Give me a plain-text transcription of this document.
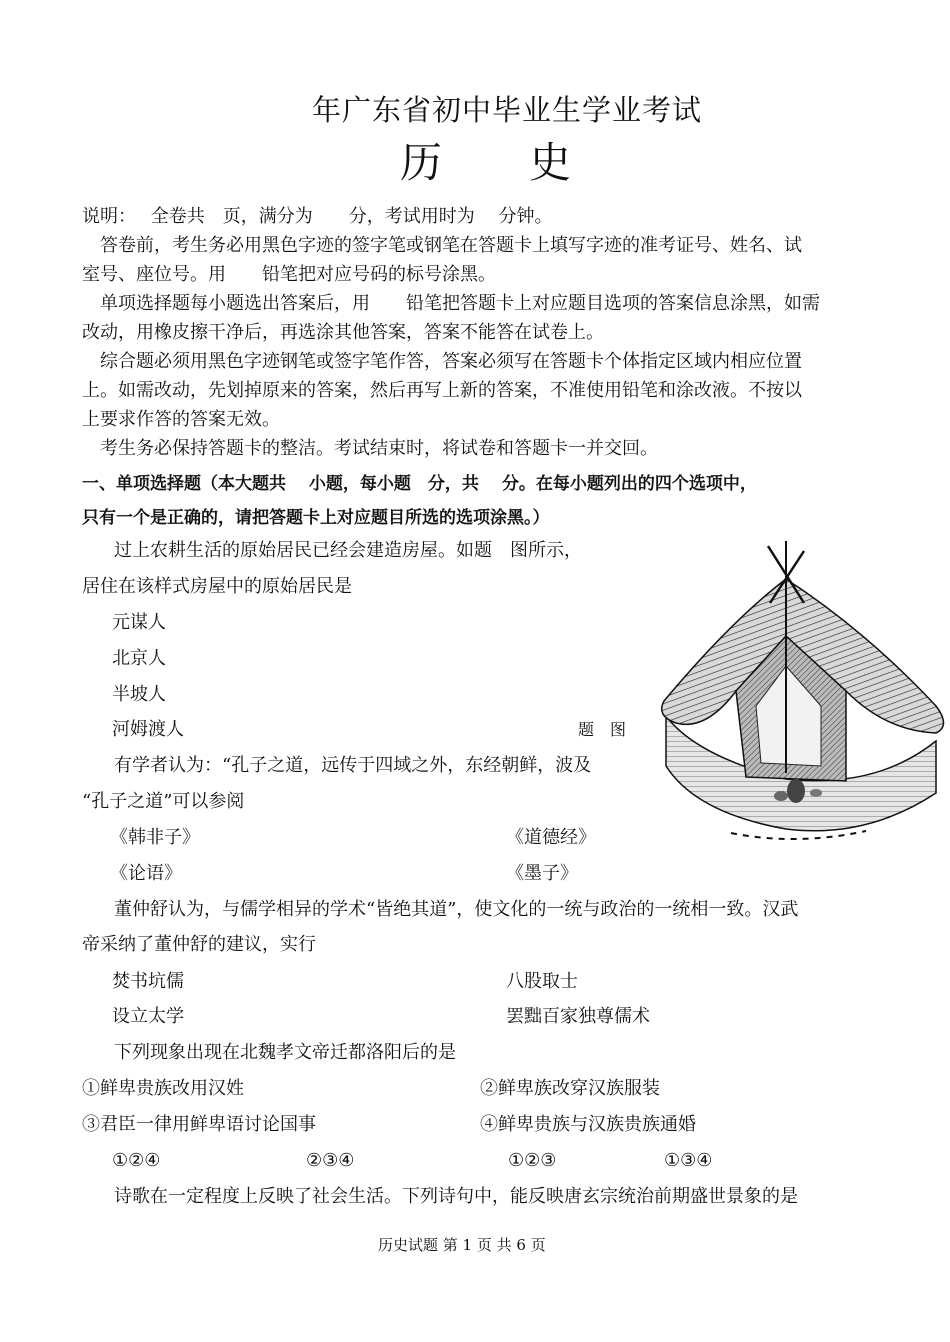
年广东省初中毕业生学业考试
历　　史
说明：　 全卷共　页，满分为　　分，考试用时为　 分钟。
答卷前，考生务必用黑色字迹的签字笔或钢笔在答题卡上填写字迹的准考证号、姓名、试
室号、座位号。用　　铅笔把对应号码的标号涂黑。
单项选择题每小题选出答案后，用　　铅笔把答题卡上对应题目选项的答案信息涂黑，如需
改动，用橡皮擦干净后，再选涂其他答案，答案不能答在试卷上。
综合题必须用黑色字迹钢笔或签字笔作答，答案必须写在答题卡个体指定区域内相应位置
上。如需改动，先划掉原来的答案，然后再写上新的答案，不准使用铅笔和涂改液。不按以
上要求作答的答案无效。
考生务必保持答题卡的整洁。考试结束时，将试卷和答题卡一并交回。
一、单项选择题（本大题共　 小题，每小题　分，共　 分。在每小题列出的四个选项中，
只有一个是正确的，请把答题卡上对应题目所选的选项涂黑。）
过上农耕生活的原始居民已经会建造房屋。如题　图所示，
居住在该样式房屋中的原始居民是
元谋人
北京人
半坡人
河姆渡人	题　图
有学者认为：“孔子之道，远传于四域之外，东经朝鲜，波及
“孔子之道”可以参阅
《韩非子》	《道德经》
《论语》	《墨子》
董仲舒认为，与儒学相异的学术“皆绝其道”，使文化的一统与政治的一统相一致。汉武
帝采纳了董仲舒的建议，实行
焚书坑儒	八股取士
设立太学	罢黜百家独尊儒术
下列现象出现在北魏孝文帝迁都洛阳后的是
①鲜卑贵族改用汉姓	②鲜卑族改穿汉族服装
③君臣一律用鲜卑语讨论国事	④鲜卑贵族与汉族贵族通婚
①②④	②③④	①②③	①③④
诗歌在一定程度上反映了社会生活。下列诗句中，能反映唐玄宗统治前期盛世景象的是
历史试题 第 1 页 共 6 页
